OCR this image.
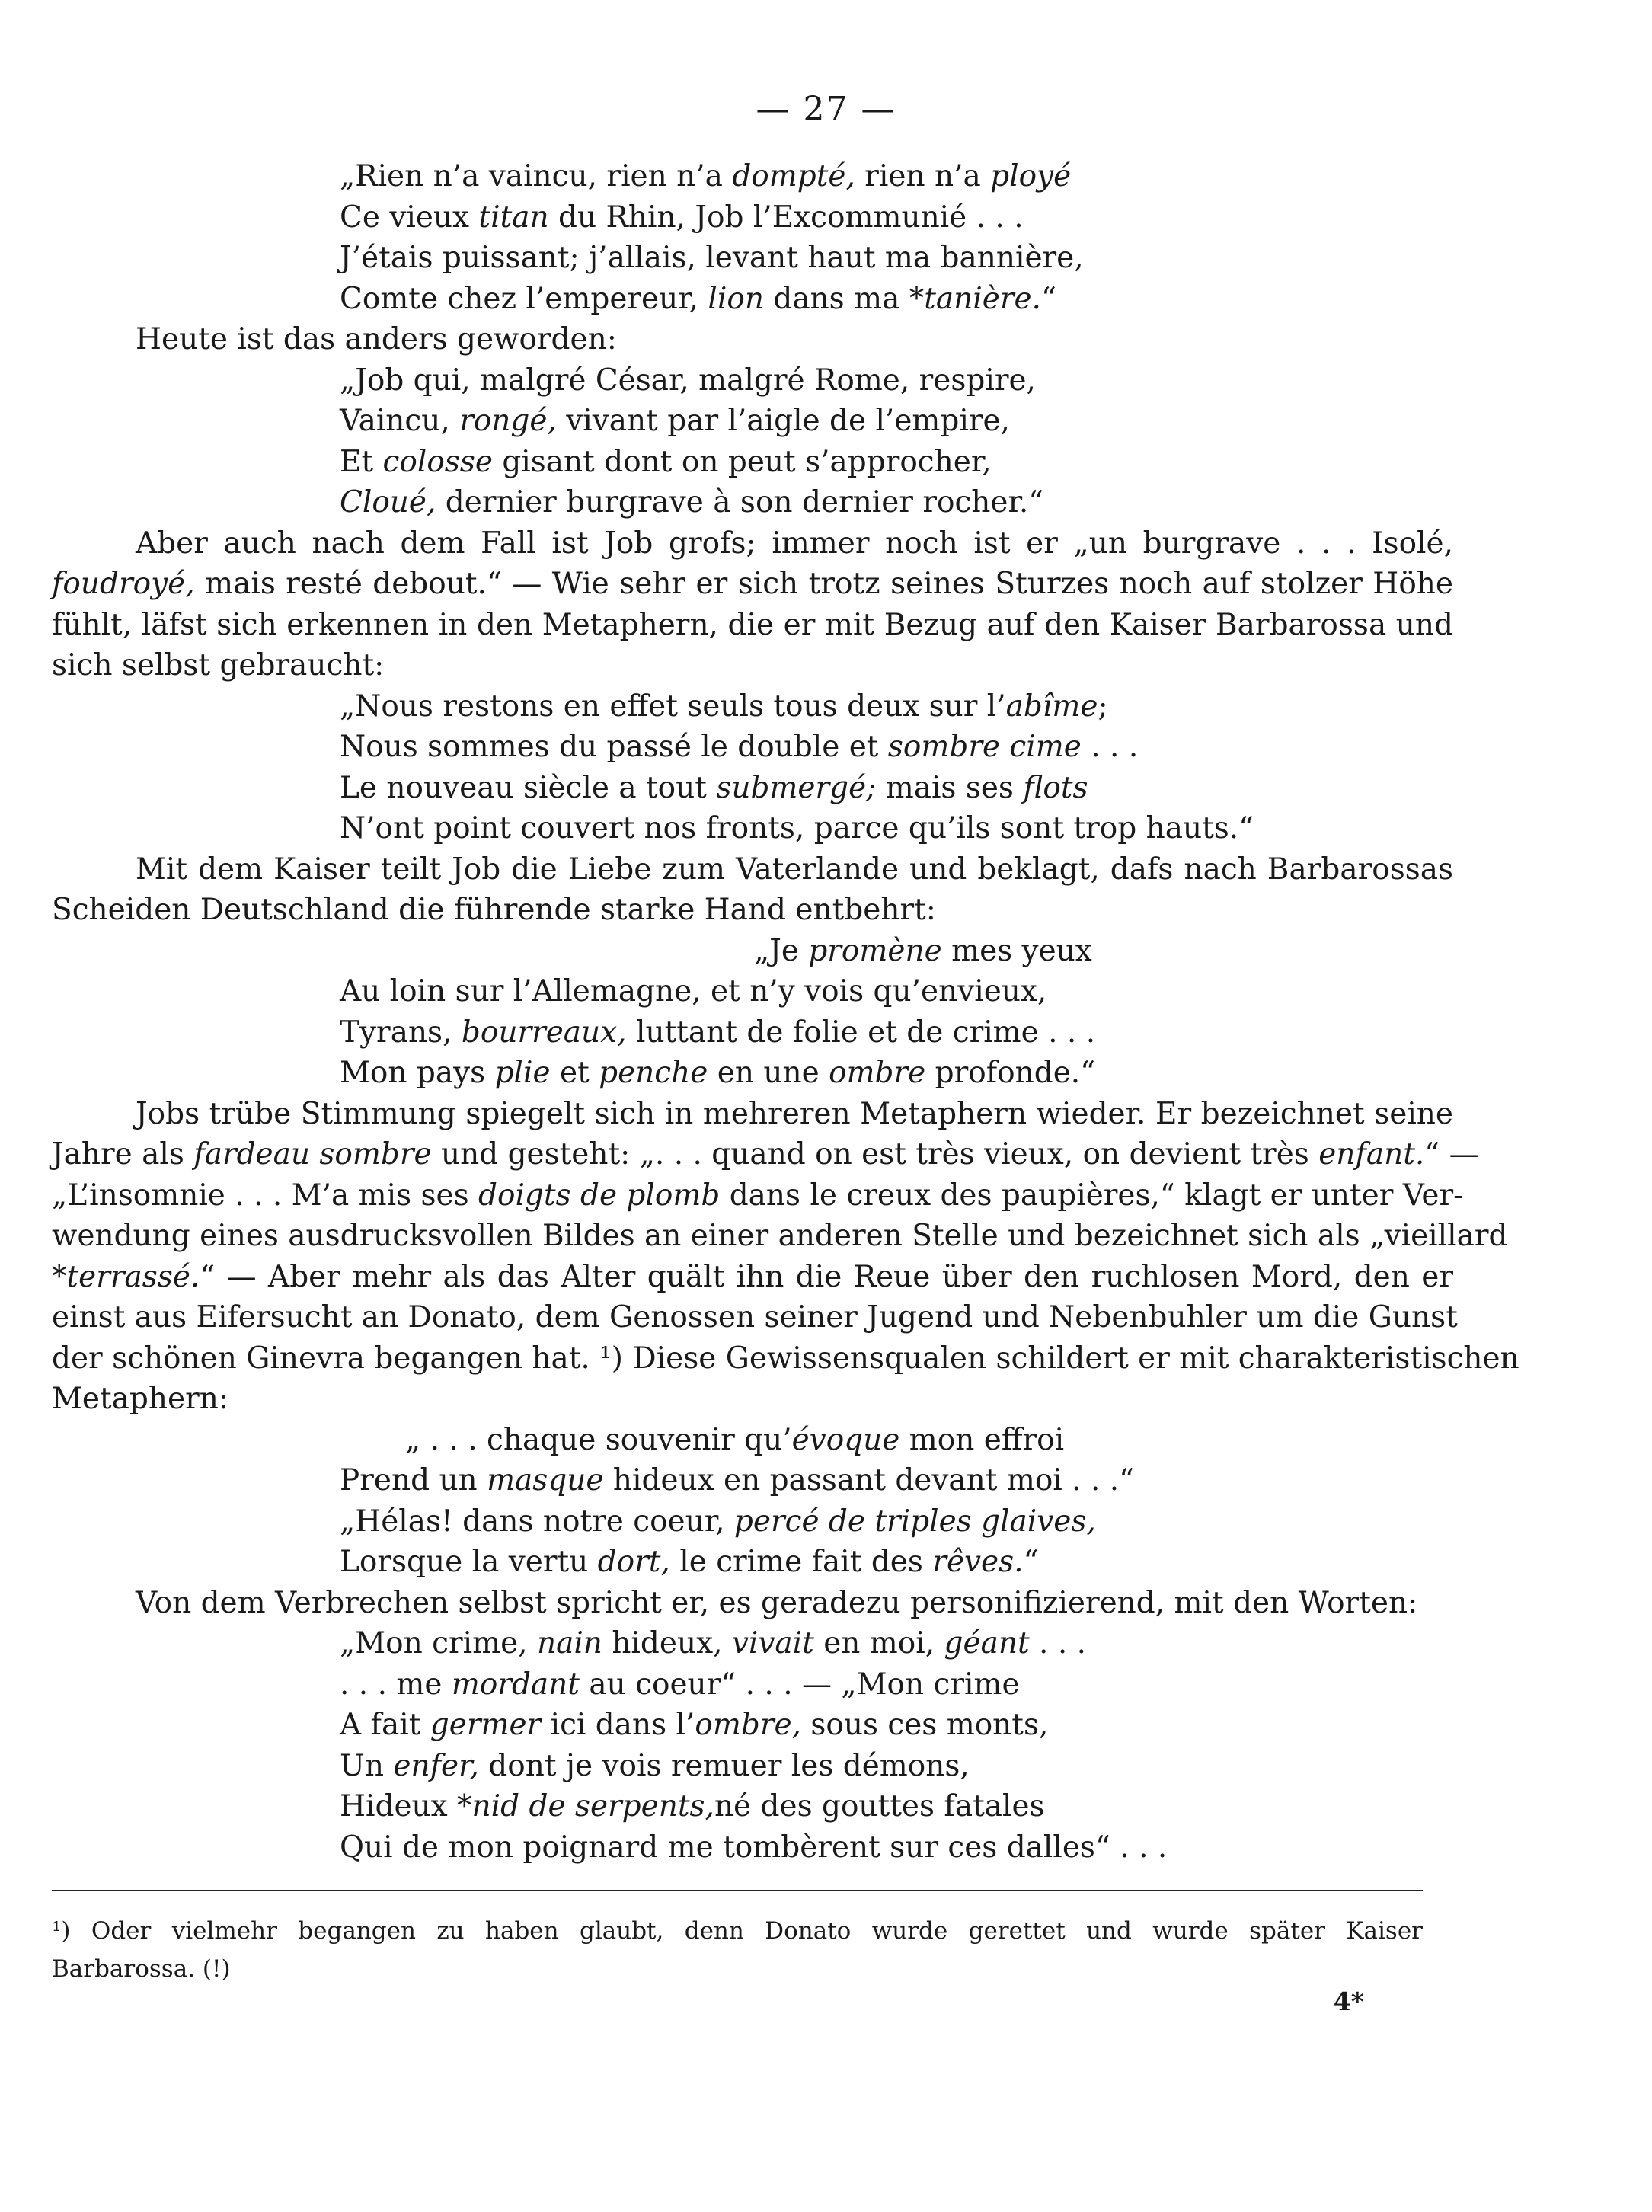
— 27 —
„Rien n’a vaincu, rien n’a dompté, rien n’a ployé
Ce vieux titan du Rhin, Job l’Excommunié . . .
J’étais puissant; j’allais, levant haut ma bannière,
Comte chez l’empereur, lion dans ma *tanière.“
Heute ist das anders geworden:
„Job qui, malgré César, malgré Rome, respire,
Vaincu, rongé, vivant par l’aigle de l’empire,
Et colosse gisant dont on peut s’approcher,
Cloué, dernier burgrave à son dernier rocher.“
Aber auch nach dem Fall ist Job grofs; immer noch ist er „un burgrave . . . Isolé,
foudroyé, mais resté debout.“ — Wie sehr er sich trotz seines Sturzes noch auf stolzer Höhe
fühlt, läfst sich erkennen in den Metaphern, die er mit Bezug auf den Kaiser Barbarossa und
sich selbst gebraucht:
„Nous restons en effet seuls tous deux sur l’abîme;
Nous sommes du passé le double et sombre cime . . .
Le nouveau siècle a tout submergé; mais ses flots
N’ont point couvert nos fronts, parce qu’ils sont trop hauts.“
Mit dem Kaiser teilt Job die Liebe zum Vaterlande und beklagt, dafs nach Barbarossas
Scheiden Deutschland die führende starke Hand entbehrt:
„Je promène mes yeux
Au loin sur l’Allemagne, et n’y vois qu’envieux,
Tyrans, bourreaux, luttant de folie et de crime . . .
Mon pays plie et penche en une ombre profonde.“
Jobs trübe Stimmung spiegelt sich in mehreren Metaphern wieder. Er bezeichnet seine
Jahre als fardeau sombre und gesteht: „. . . quand on est très vieux, on devient très enfant.“ —
„L’insomnie . . . M’a mis ses doigts de plomb dans le creux des paupières,“ klagt er unter Ver-
wendung eines ausdrucksvollen Bildes an einer anderen Stelle und bezeichnet sich als „vieillard
*terrassé.“ — Aber mehr als das Alter quält ihn die Reue über den ruchlosen Mord, den er
einst aus Eifersucht an Donato, dem Genossen seiner Jugend und Nebenbuhler um die Gunst
der schönen Ginevra begangen hat. ¹) Diese Gewissensqualen schildert er mit charakteristischen
Metaphern:
„ . . . chaque souvenir qu’évoque mon effroi
Prend un masque hideux en passant devant moi . . .“
„Hélas! dans notre coeur, percé de triples glaives,
Lorsque la vertu dort, le crime fait des rêves.“
Von dem Verbrechen selbst spricht er, es geradezu personifizierend, mit den Worten:
„Mon crime, nain hideux, vivait en moi, géant . . .
. . . me mordant au coeur“ . . . — „Mon crime
A fait germer ici dans l’ombre, sous ces monts,
Un enfer, dont je vois remuer les démons,
Hideux *nid de serpents,né des gouttes fatales
Qui de mon poignard me tombèrent sur ces dalles“ . . .
¹) Oder vielmehr begangen zu haben glaubt, denn Donato wurde gerettet und wurde später Kaiser
Barbarossa. (!)
4*
